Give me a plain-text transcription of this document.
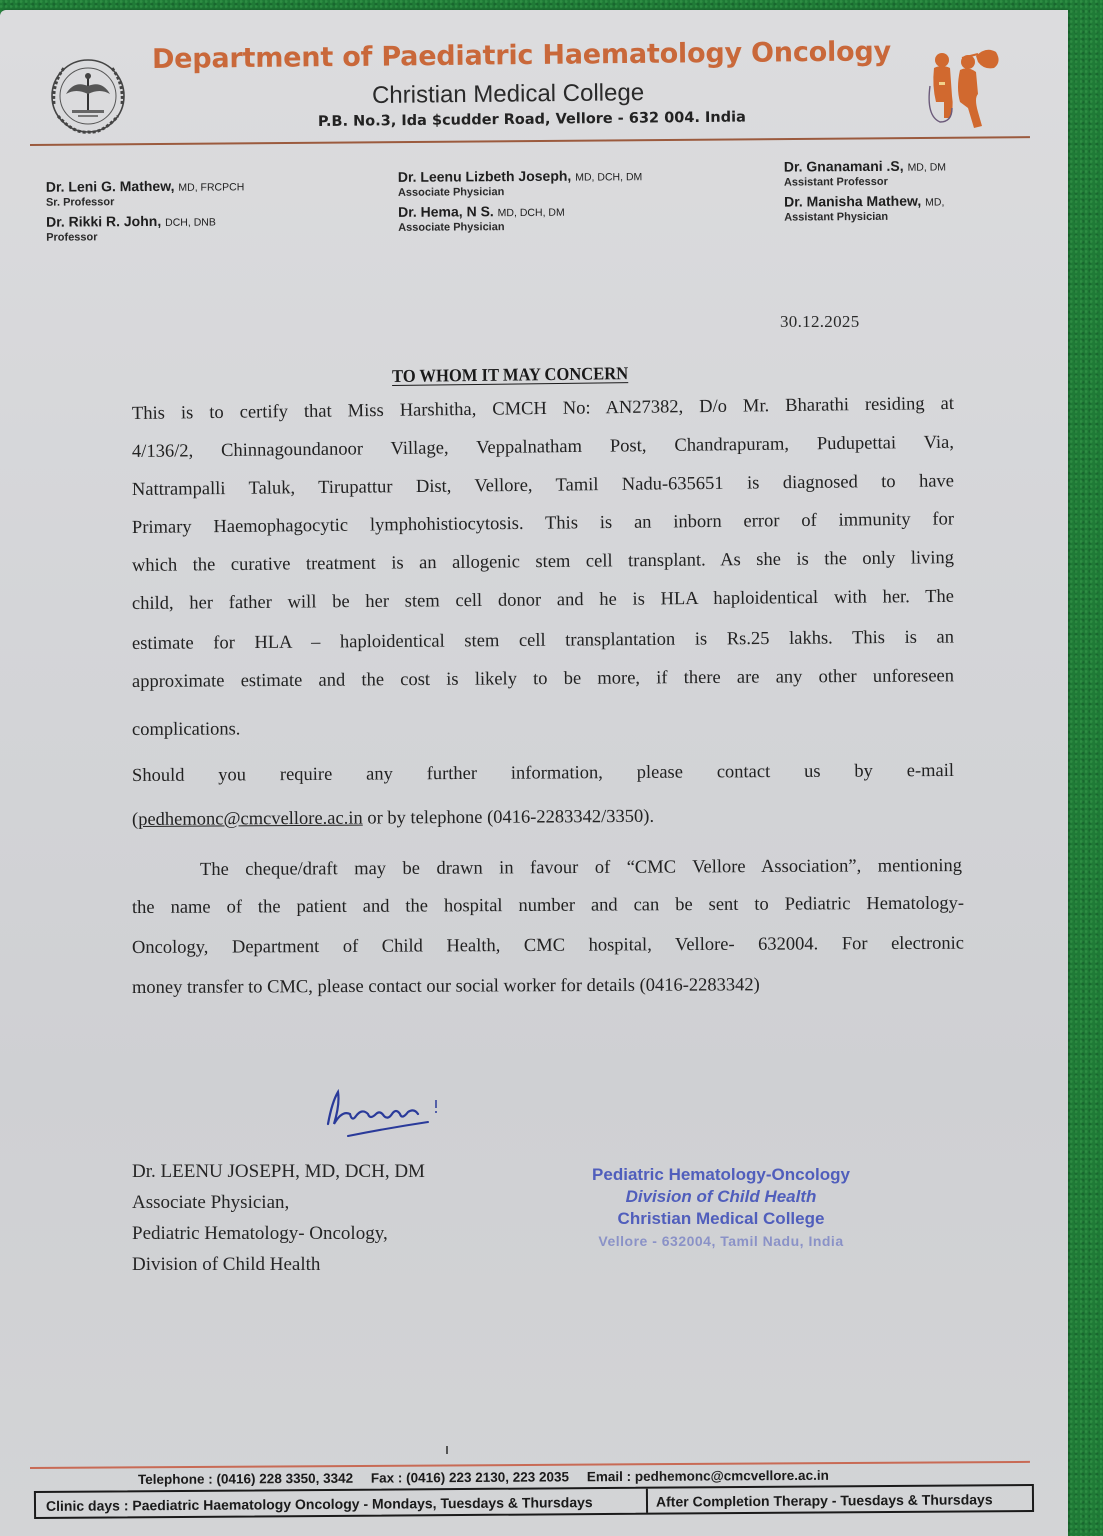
Department of Paediatric Haematology Oncology
Christian Medical College
P.B. No.3, Ida $cudder Road, Vellore - 632 004. India
Dr. Leni G. Mathew, MD, FRCPCH
Sr. Professor
Dr. Rikki R. John, DCH, DNB
Professor
Dr. Leenu Lizbeth Joseph, MD, DCH, DM
Associate Physician
Dr. Hema, N S. MD, DCH, DM
Associate Physician
Dr. Gnanamani .S, MD, DM
Assistant Professor
Dr. Manisha Mathew, MD,
Assistant Physician
30.12.2025
TO WHOM IT MAY CONCERN
This is to certify that Miss Harshitha, CMCH No: AN27382, D/o Mr. Bharathi residing at
4/136/2, Chinnagoundanoor Village, Veppalnatham Post, Chandrapuram, Pudupettai Via,
Nattrampalli Taluk, Tirupattur Dist, Vellore, Tamil Nadu-635651 is diagnosed to have
Primary Haemophagocytic lymphohistiocytosis. This is an inborn error of immunity for
which the curative treatment is an allogenic stem cell transplant. As she is the only living
child, her father will be her stem cell donor and he is HLA haploidentical with her. The
estimate for HLA – haploidentical stem cell transplantation is Rs.25 lakhs. This is an
approximate estimate and the cost is likely to be more, if there are any other unforeseen
complications.
Should you require any further information, please contact us by e-mail
(pedhemonc@cmcvellore.ac.in or by telephone (0416-2283342/3350).
The cheque/draft may be drawn in favour of “CMC Vellore Association”, mentioning
the name of the patient and the hospital number and can be sent to Pediatric Hematology-
Oncology, Department of Child Health, CMC hospital, Vellore- 632004. For electronic
money transfer to CMC, please contact our social worker for details (0416-2283342)
Dr. LEENU JOSEPH, MD, DCH, DM
Associate Physician,
Pediatric Hematology- Oncology,
Division of Child Health
Pediatric Hematology-Oncology
Division of Child Health
Christian Medical College
Vellore - 632004, Tamil Nadu, India
Telephone : (0416) 228 3350, 3342 Fax : (0416) 223 2130, 223 2035 Email : pedhemonc@cmcvellore.ac.in
Clinic days : Paediatric Haematology Oncology - Mondays, Tuesdays & Thursdays	After Completion Therapy - Tuesdays & Thursdays
